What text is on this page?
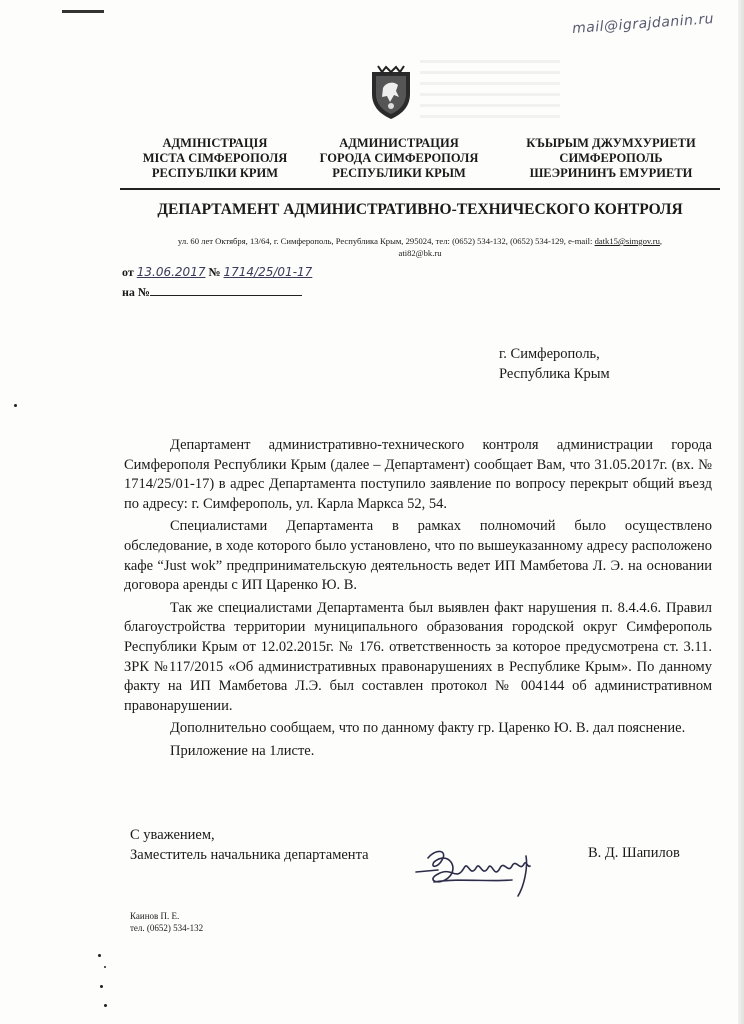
mail@igrajdanin.ru
АДМІНІСТРАЦІЯ
МІСТА СІМФЕРОПОЛЯ
РЕСПУБЛІКИ КРИМ
АДМИНИСТРАЦИЯ
ГОРОДА СИМФЕРОПОЛЯ
РЕСПУБЛИКИ КРЫМ
КЪЫРЫМ ДЖУМХУРИЕТИ
СИМФЕРОПОЛЬ
ШЕЭРИНИНЪ ЕМУРИЕТИ
ДЕПАРТАМЕНТ АДМИНИСТРАТИВНО-ТЕХНИЧЕСКОГО КОНТРОЛЯ
ул. 60 лет Октября, 13/64, г. Симферополь, Республика Крым, 295024, тел: (0652) 534-132, (0652) 534-129, e-mail: datk15@simgov.ru,
ati82@bk.ru
от 13.06.2017 № 1714/25/01-17
на №
г. Симферополь,
Республика Крым

Департамент административно-технического контроля администрации города Симферополя Республики Крым (далее – Департамент) сообщает Вам, что 31.05.2017г. (вх. № 1714/25/01-17) в адрес Департамента поступило заявление по вопросу перекрыт общий въезд по адресу: г. Симферополь, ул. Карла Маркса 52, 54.

Специалистами Департамента в рамках полномочий было осуществлено обследование, в ходе которого было установлено, что по вышеуказанному адресу расположено кафе “Just wok” предпринимательскую деятельность ведет ИП Мамбетова Л. Э. на основании договора аренды с ИП Царенко Ю. В.

Так же специалистами Департамента был выявлен факт нарушения п. 8.4.4.6. Правил благоустройства территории муниципального образования городской округ Симферополь Республики Крым от 12.02.2015г. № 176. ответственность за которое предусмотрена ст. 3.11. ЗРК №117/2015 «Об административных правонарушениях в Республике Крым». По данному факту на ИП Мамбетова Л.Э. был составлен протокол № 004144 об административном правонарушении.

Дополнительно сообщаем, что по данному факту гр. Царенко Ю. В. дал пояснение.

Приложение на 1листе.

С уважением,
Заместитель начальника департамента	В. Д. Шапилов
Каинов П. Е.
тел. (0652) 534-132
